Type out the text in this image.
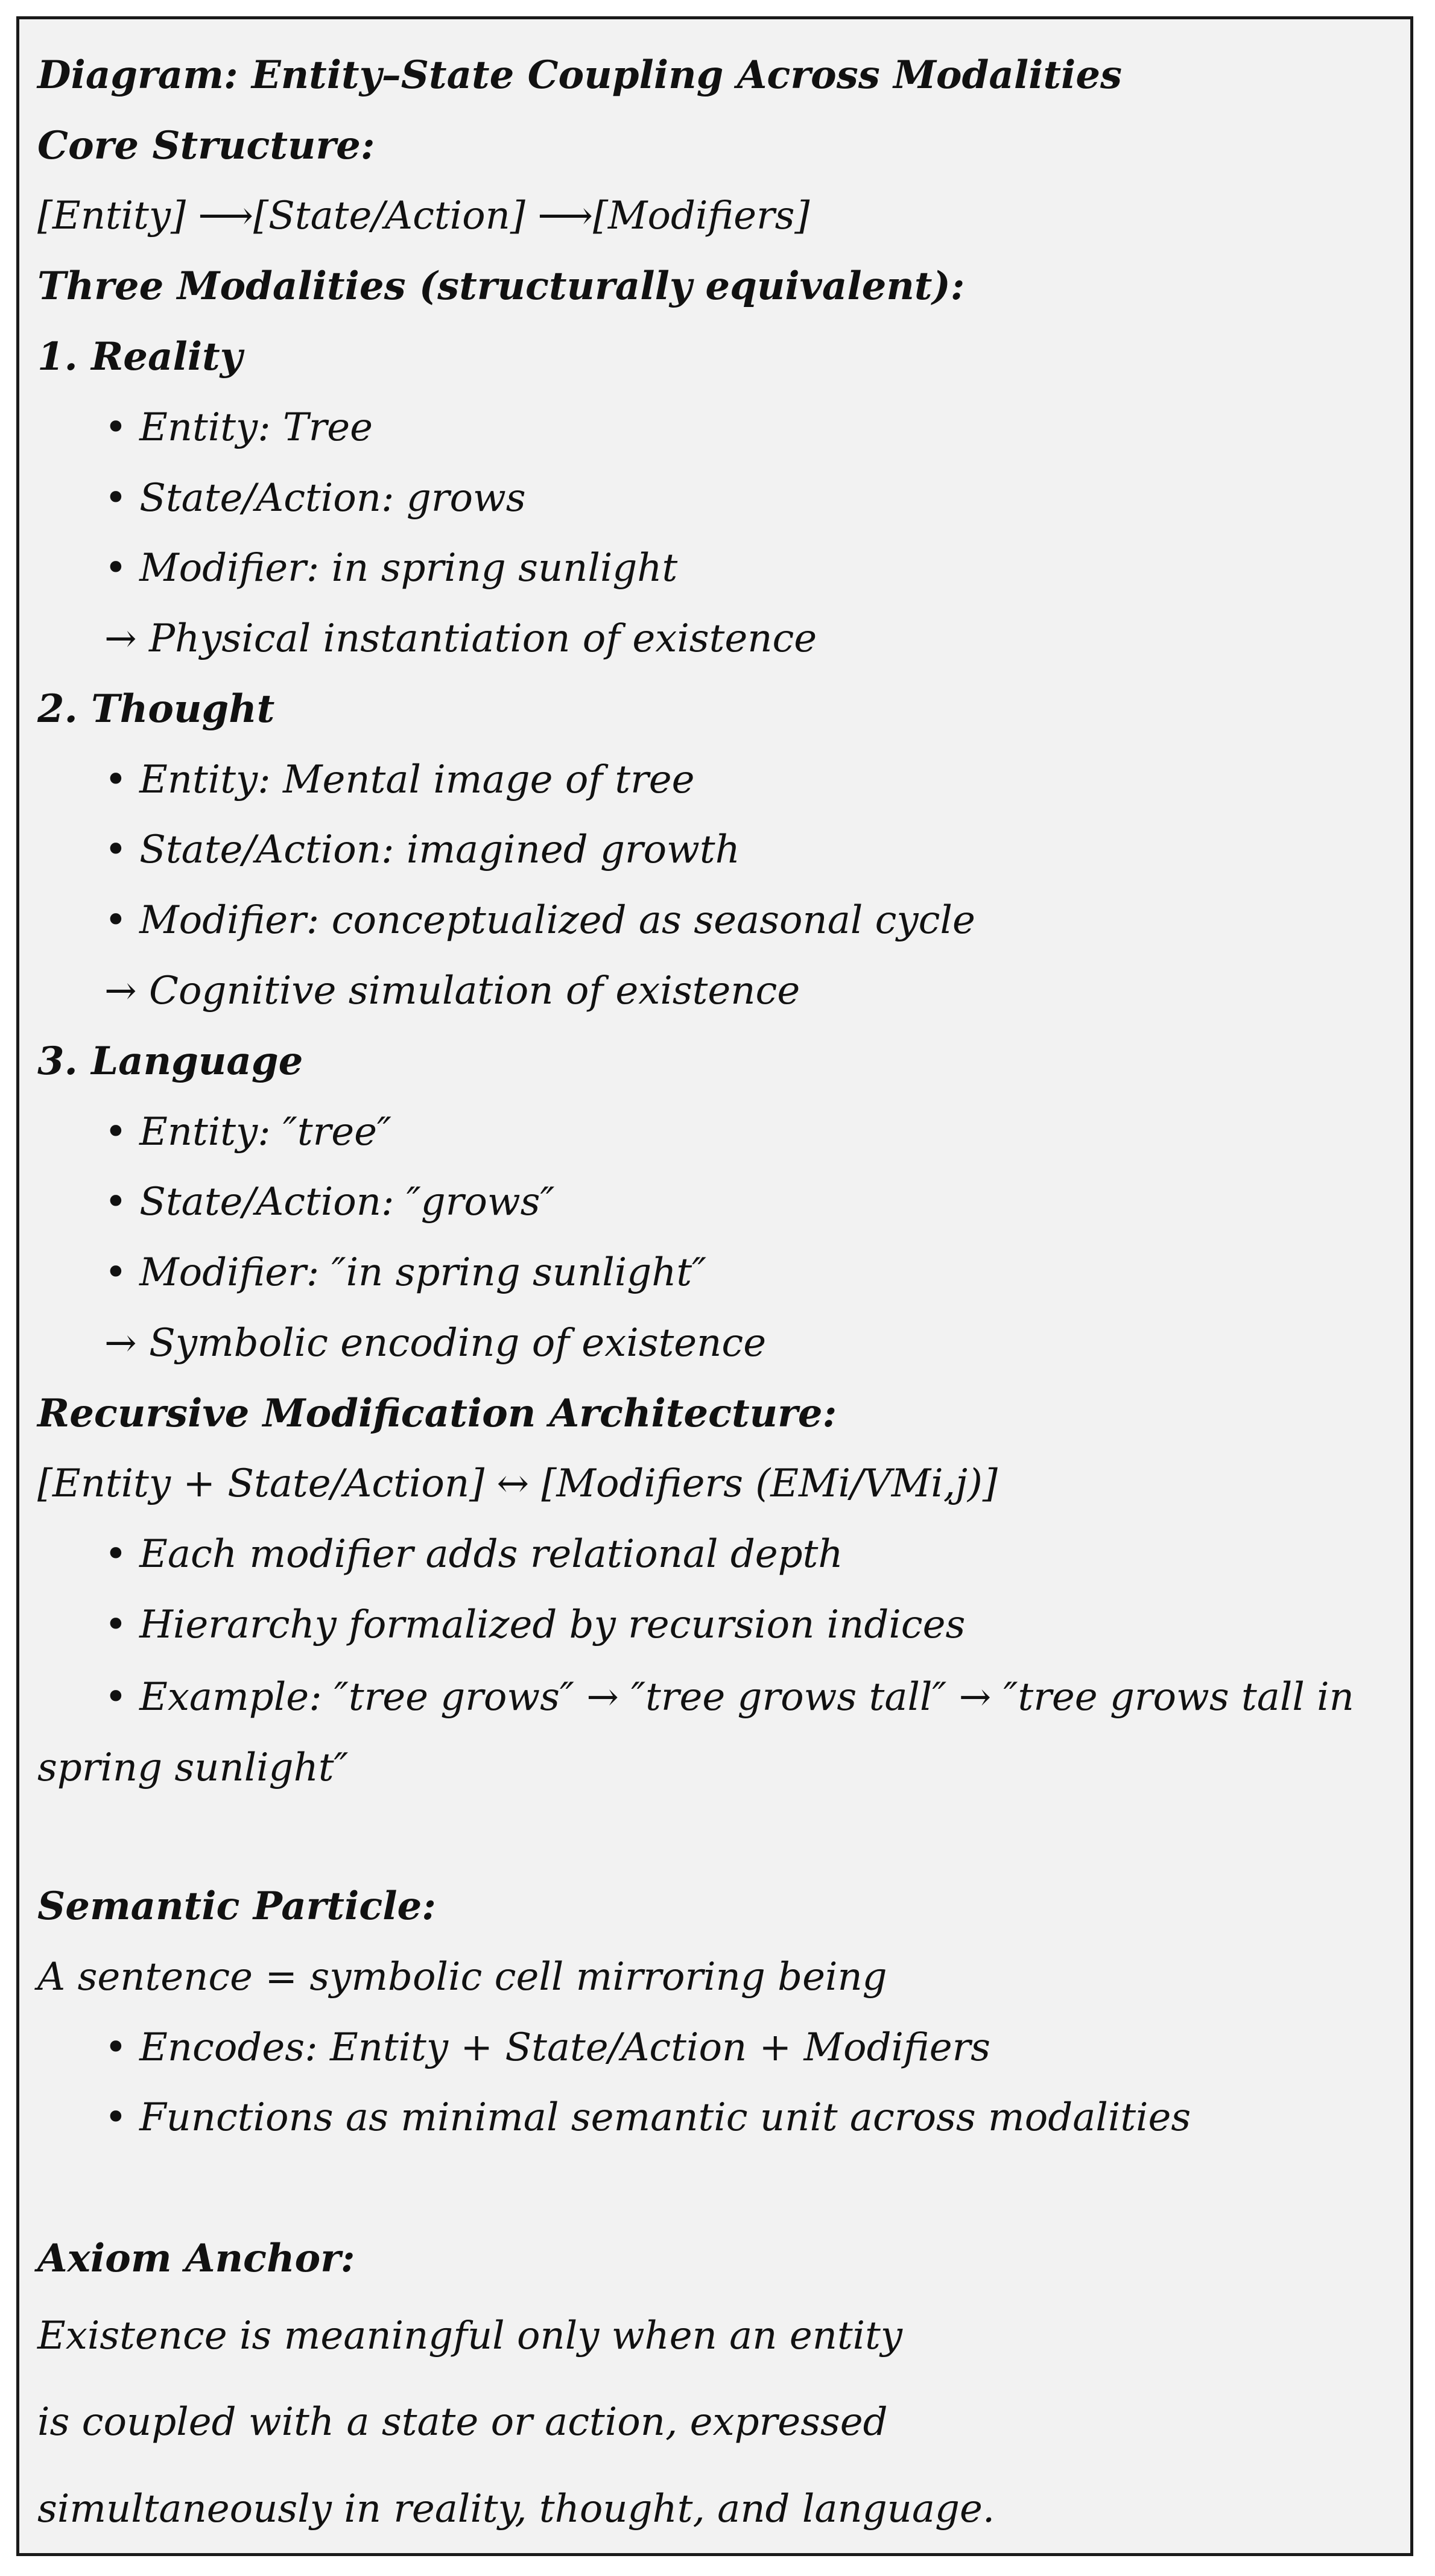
Diagram: Entity–State Coupling Across Modalities
Core Structure:
[Entity] ⟶[State/Action] ⟶[Modifiers]
Three Modalities (structurally equivalent):
1. Reality
• Entity: Tree
• State/Action: grows
• Modifier: in spring sunlight
→ Physical instantiation of existence
2. Thought
• Entity: Mental image of tree
• State/Action: imagined growth
• Modifier: conceptualized as seasonal cycle
→ Cognitive simulation of existence
3. Language
• Entity: ″tree″
• State/Action: ″grows″
• Modifier: ″in spring sunlight″
→ Symbolic encoding of existence
Recursive Modification Architecture:
[Entity + State/Action] ↔ [Modifiers (EMi/VMi,j)]
• Each modifier adds relational depth
• Hierarchy formalized by recursion indices
• Example: ″tree grows″ → ″tree grows tall″ → ″tree grows tall in spring sunlight″
Semantic Particle:
A sentence = symbolic cell mirroring being
• Encodes: Entity + State/Action + Modifiers
• Functions as minimal semantic unit across modalities
Axiom Anchor:
Existence is meaningful only when an entity
is coupled with a state or action, expressed
simultaneously in reality, thought, and language.
